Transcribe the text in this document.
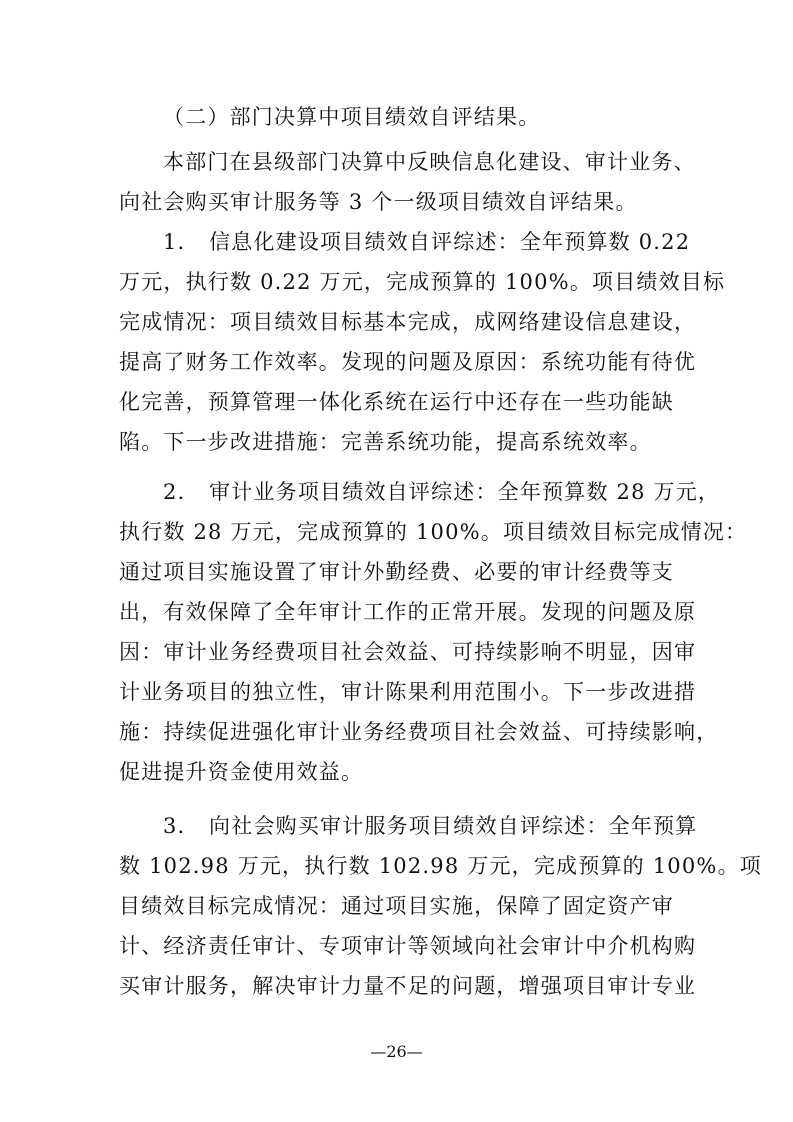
（二）部门决算中项目绩效自评结果。
本部门在县级部门决算中反映信息化建设、审计业务、
向社会购买审计服务等 3 个一级项目绩效自评结果。
1.   信息化建设项目绩效自评综述：全年预算数 0.22
万元，执行数 0.22 万元，完成预算的 100%。项目绩效目标
完成情况：项目绩效目标基本完成，成网络建设信息建设，
提高了财务工作效率。发现的问题及原因：系统功能有待优
化完善，预算管理一体化系统在运行中还存在一些功能缺
陷。下一步改进措施：完善系统功能，提高系统效率。
2.   审计业务项目绩效自评综述：全年预算数 28 万元，
执行数 28 万元，完成预算的 100%。项目绩效目标完成情况：
通过项目实施设置了审计外勤经费、必要的审计经费等支
出，有效保障了全年审计工作的正常开展。发现的问题及原
因：审计业务经费项目社会效益、可持续影响不明显，因审
计业务项目的独立性，审计陈果利用范围小。下一步改进措
施：持续促进强化审计业务经费项目社会效益、可持续影响，
促进提升资金使用效益。
3.   向社会购买审计服务项目绩效自评综述：全年预算
数 102.98 万元，执行数 102.98 万元，完成预算的 100%。项
目绩效目标完成情况：通过项目实施，保障了固定资产审
计、经济责任审计、专项审计等领域向社会审计中介机构购
买审计服务，解决审计力量不足的问题，增强项目审计专业
—26—
